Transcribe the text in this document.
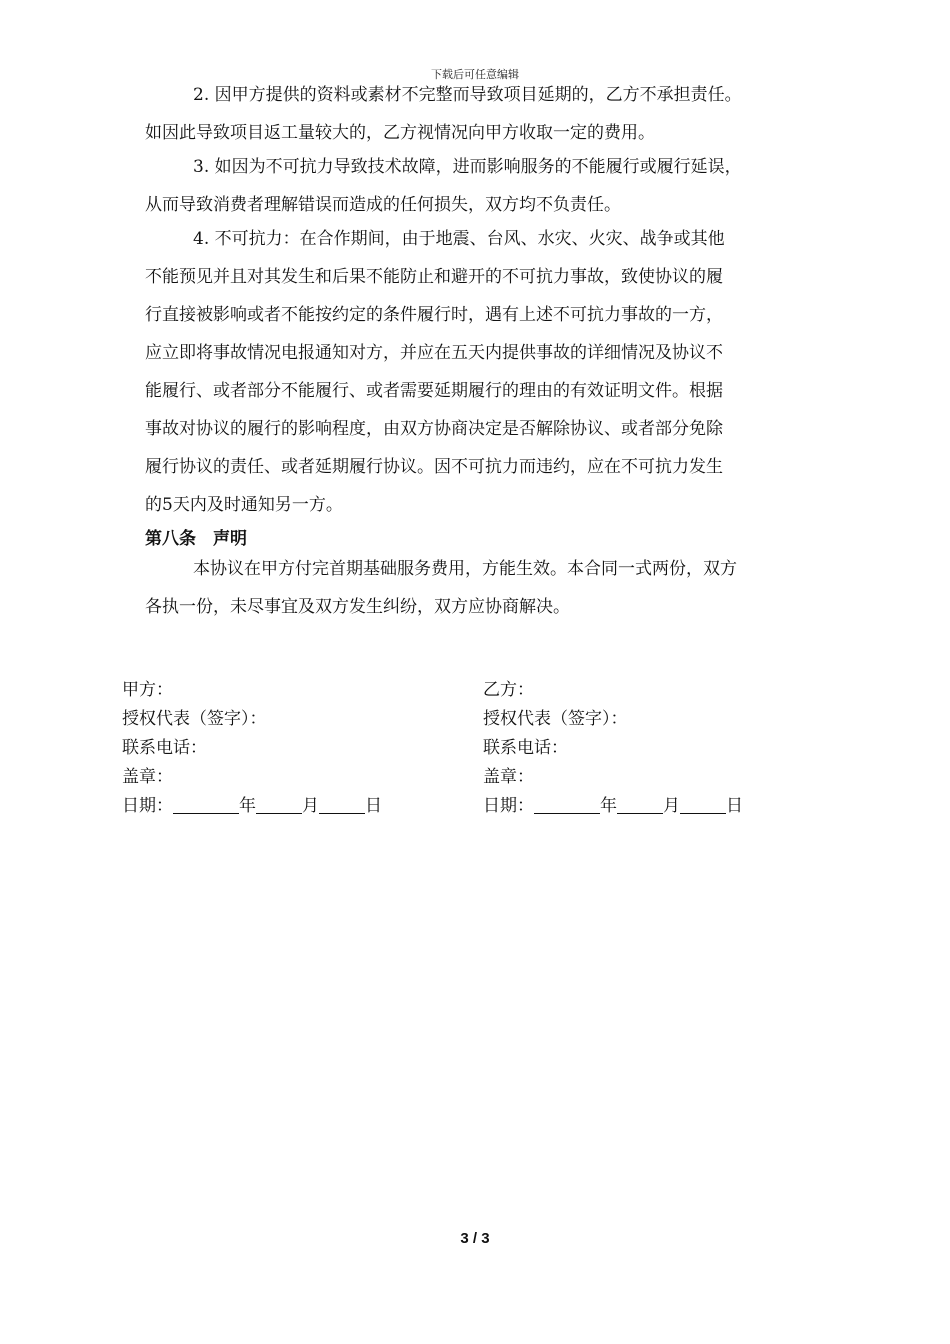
下载后可任意编辑
2. 因甲方提供的资料或素材不完整而导致项目延期的，乙方不承担责任。
如因此导致项目返工量较大的，乙方视情况向甲方收取一定的费用。
3. 如因为不可抗力导致技术故障，进而影响服务的不能履行或履行延误，
从而导致消费者理解错误而造成的任何损失，双方均不负责任。
4. 不可抗力：在合作期间，由于地震、台风、水灾、火灾、战争或其他
不能预见并且对其发生和后果不能防止和避开的不可抗力事故，致使协议的履
行直接被影响或者不能按约定的条件履行时，遇有上述不可抗力事故的一方，
应立即将事故情况电报通知对方，并应在五天内提供事故的详细情况及协议不
能履行、或者部分不能履行、或者需要延期履行的理由的有效证明文件。根据
事故对协议的履行的影响程度，由双方协商决定是否解除协议、或者部分免除
履行协议的责任、或者延期履行协议。因不可抗力而违约，应在不可抗力发生
的5天内及时通知另一方。
第八条　声明
本协议在甲方付完首期基础服务费用，方能生效。本合同一式两份，双方
各执一份，未尽事宜及双方发生纠纷，双方应协商解决。
甲方：
授权代表（签字）：
联系电话：
盖章：
日期：	年	月	日
乙方：
授权代表（签字）：
联系电话：
盖章：
日期：	年	月	日
3 / 3
